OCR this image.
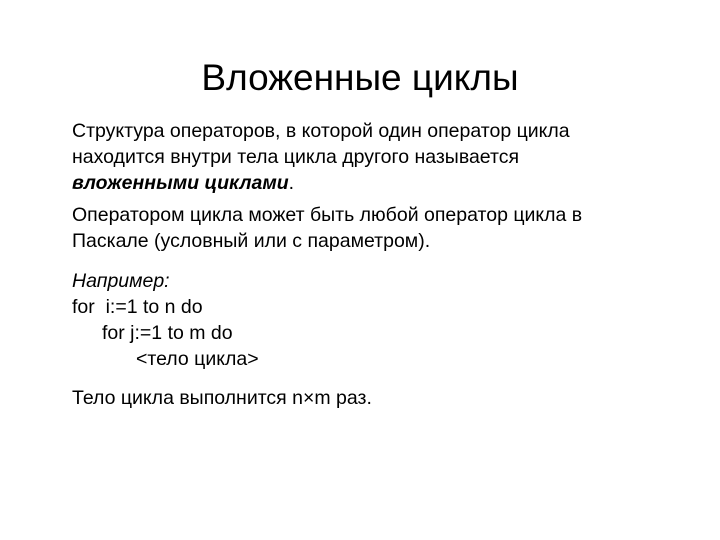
Вложенные циклы
Структура операторов, в которой один оператор цикла
находится внутри тела цикла другого называется
вложенными циклами.
Оператором цикла может быть любой оператор цикла в
Паскале (условный или с параметром).
Например:
for  i:=1 to n do
for j:=1 to m do
<тело цикла>
Тело цикла выполнится n×m раз.
